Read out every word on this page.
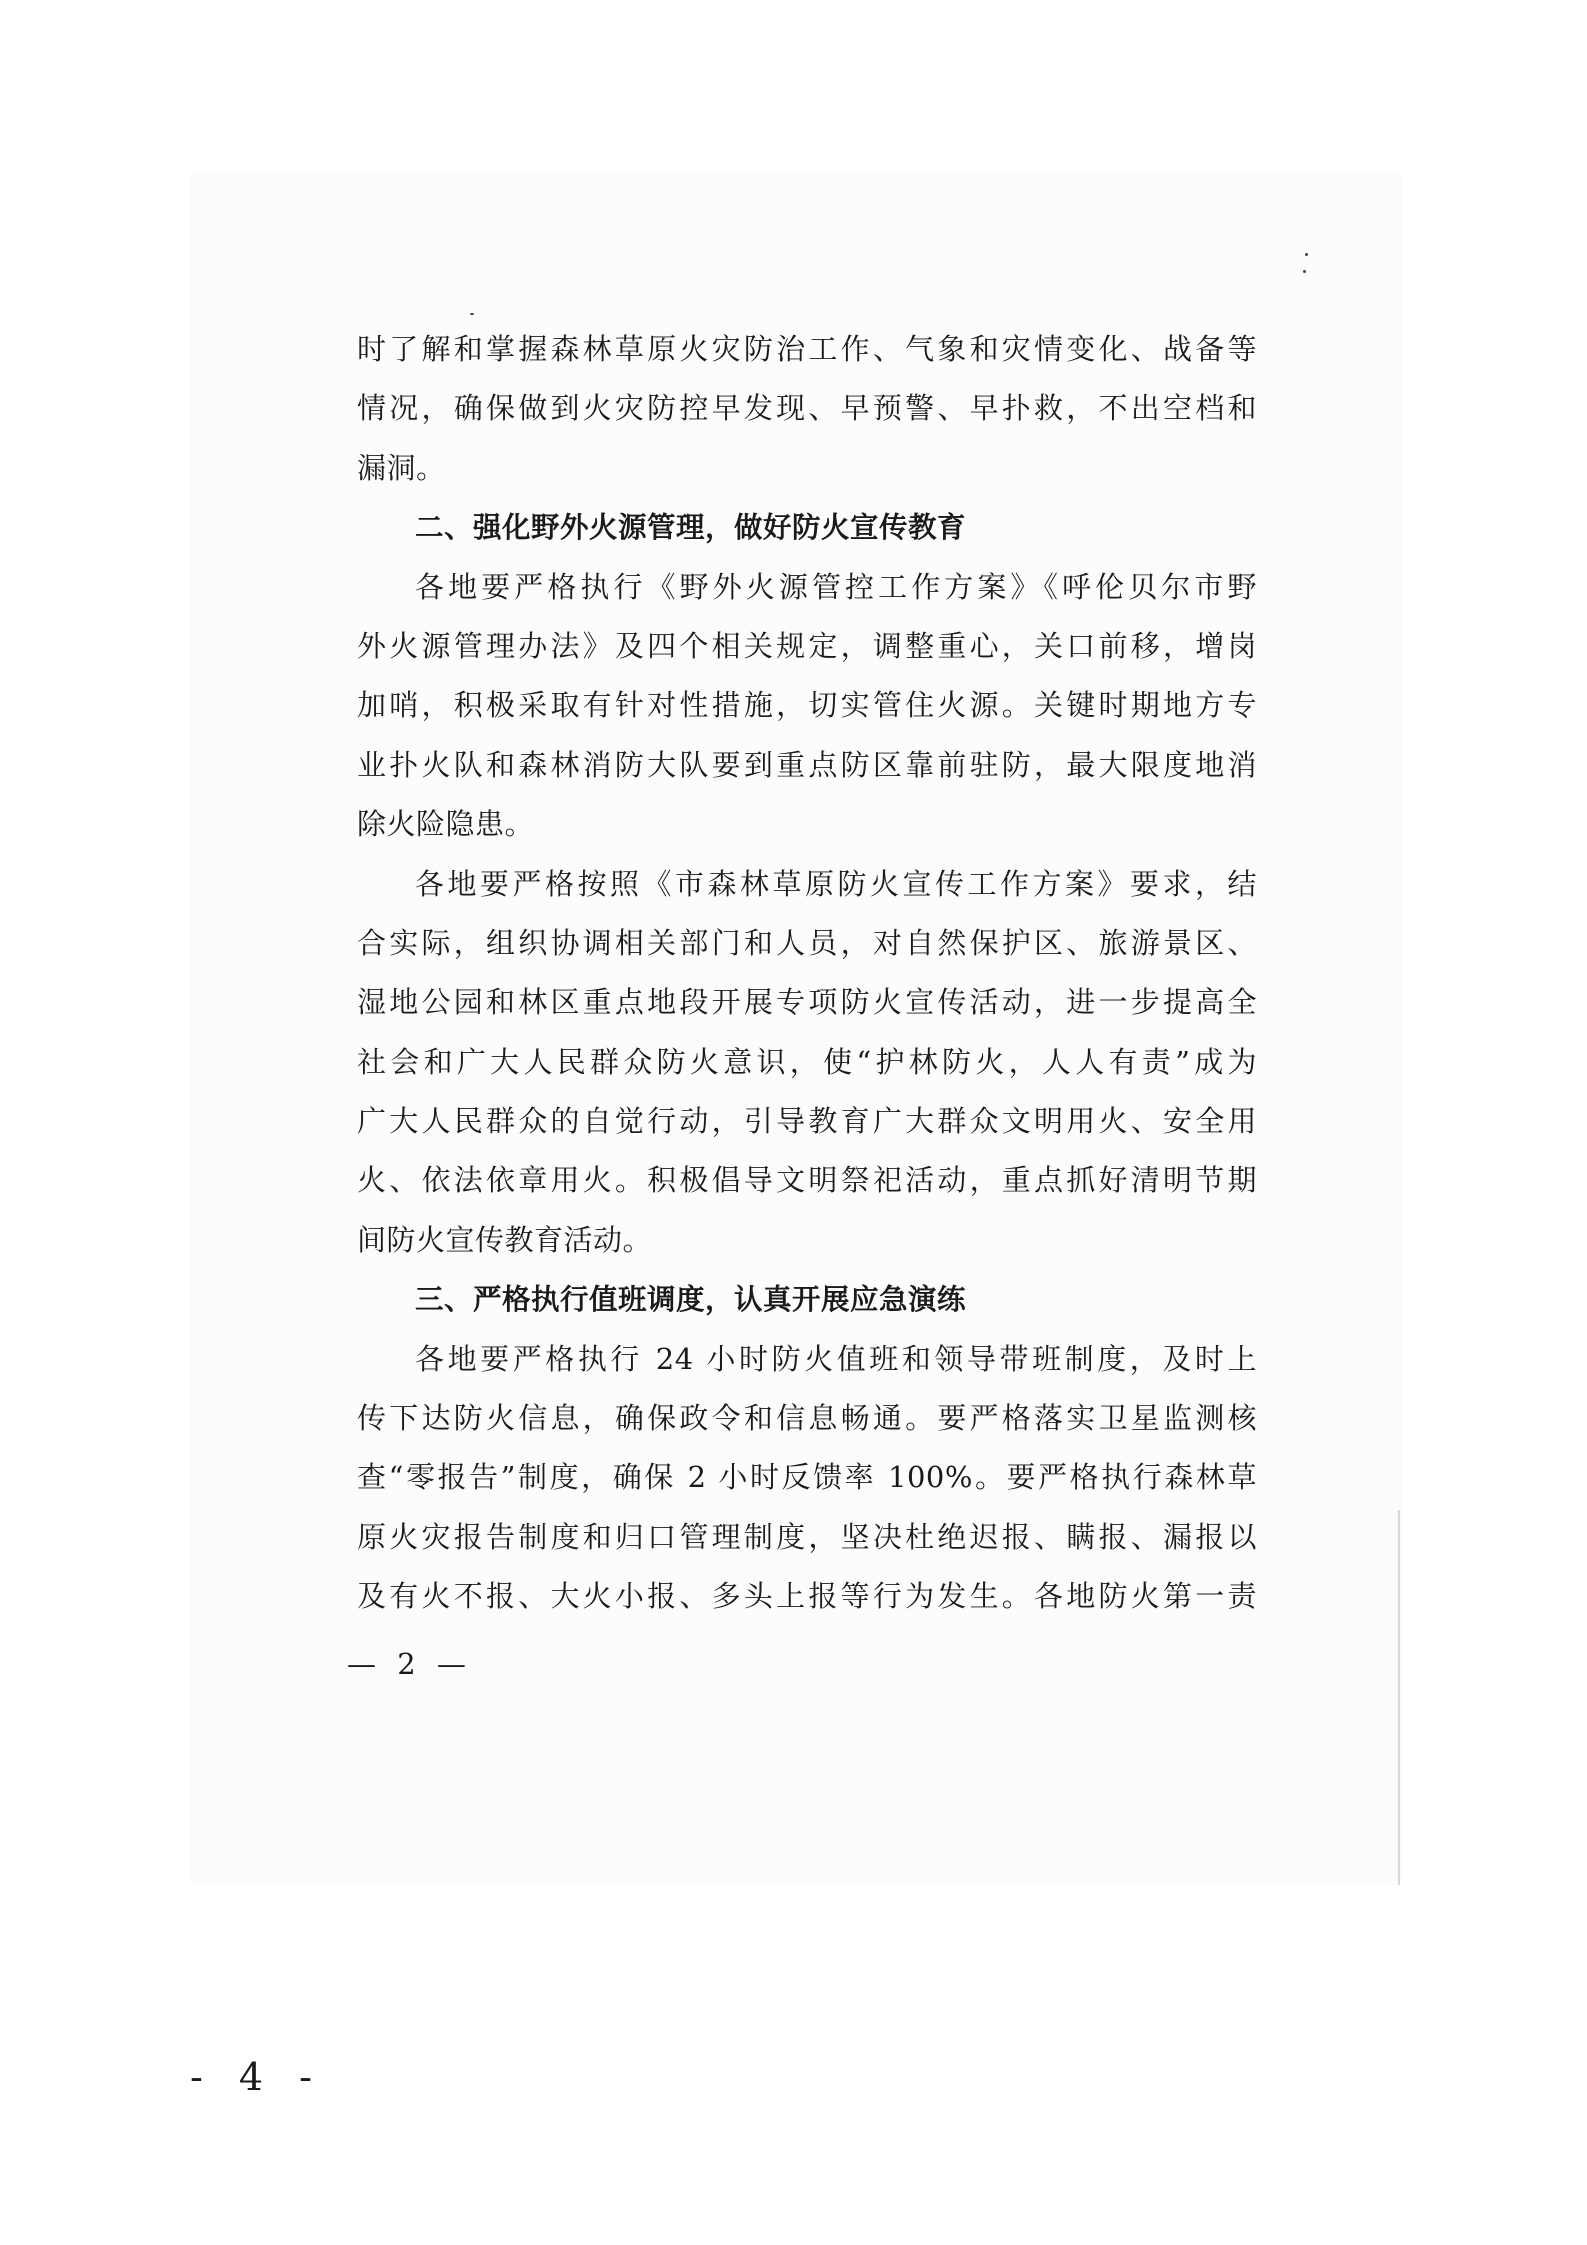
时了解和掌握森林草原火灾防治工作、气象和灾情变化、战备等
情况，确保做到火灾防控早发现、早预警、早扑救，不出空档和
漏洞。
二、强化野外火源管理，做好防火宣传教育
各地要严格执行《野外火源管控工作方案》《呼伦贝尔市野
外火源管理办法》及四个相关规定，调整重心，关口前移，增岗
加哨，积极采取有针对性措施，切实管住火源。关键时期地方专
业扑火队和森林消防大队要到重点防区靠前驻防，最大限度地消
除火险隐患。
各地要严格按照《市森林草原防火宣传工作方案》要求，结
合实际，组织协调相关部门和人员，对自然保护区、旅游景区、
湿地公园和林区重点地段开展专项防火宣传活动，进一步提高全
社会和广大人民群众防火意识，使“护林防火，人人有责”成为
广大人民群众的自觉行动，引导教育广大群众文明用火、安全用
火、依法依章用火。积极倡导文明祭祀活动，重点抓好清明节期
间防火宣传教育活动。
三、严格执行值班调度，认真开展应急演练
各地要严格执行 24 小时防火值班和领导带班制度，及时上
传下达防火信息，确保政令和信息畅通。要严格落实卫星监测核
查“零报告”制度，确保 2 小时反馈率 100%。要严格执行森林草
原火灾报告制度和归口管理制度，坚决杜绝迟报、瞒报、漏报以
及有火不报、大火小报、多头上报等行为发生。各地防火第一责
— 2 —
- 4 -
